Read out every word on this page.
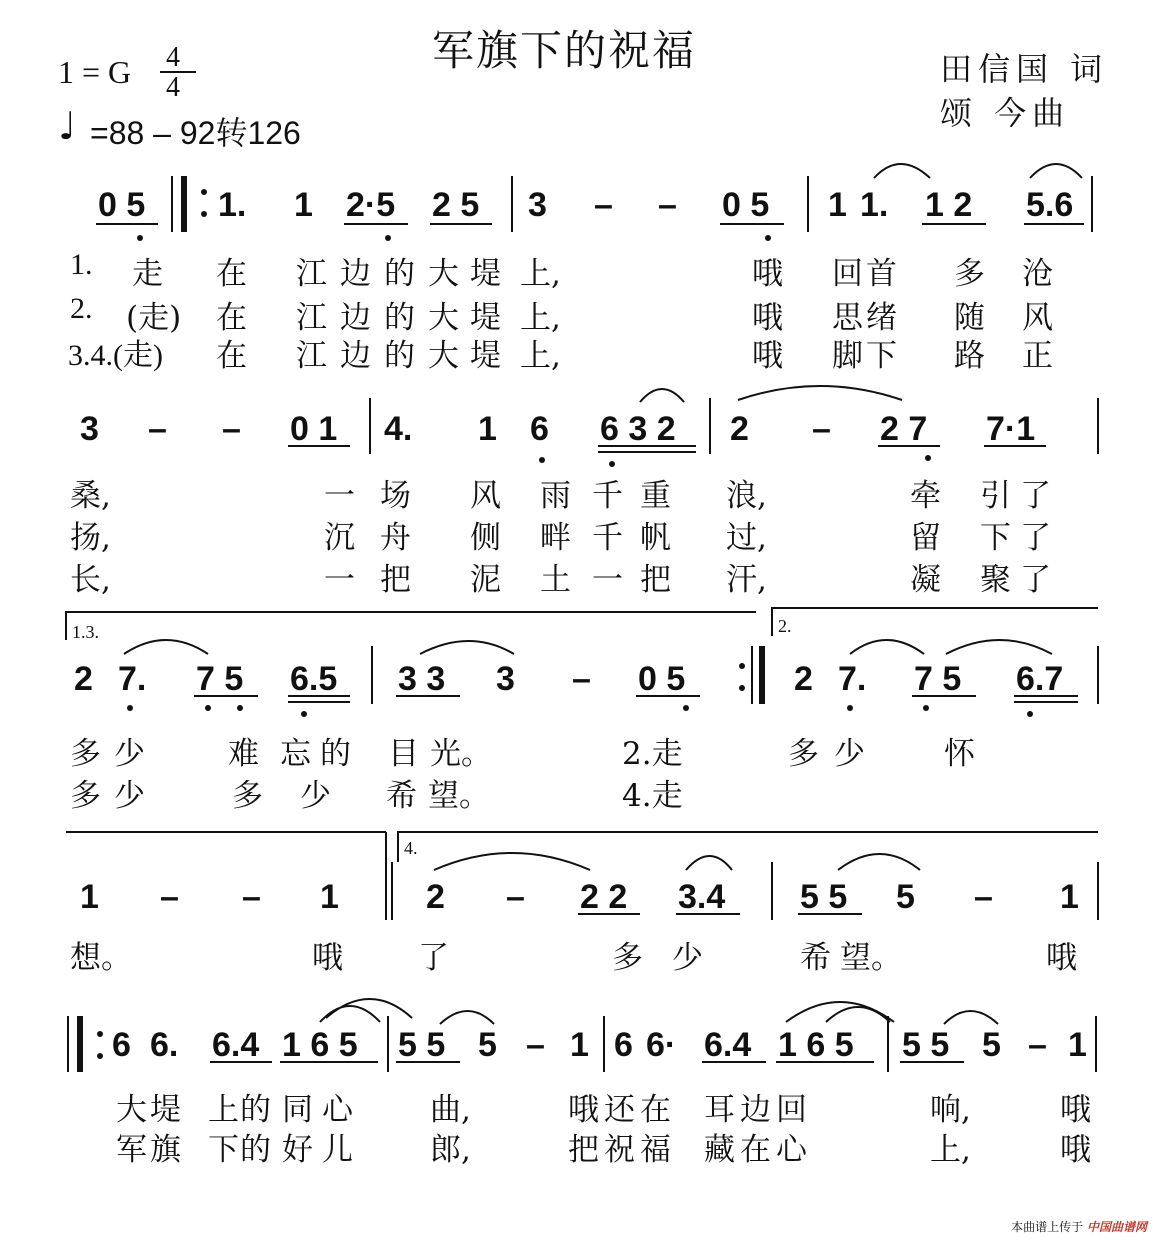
军旗下的祝福	田信国 词
颂 今曲
1 = G 4
4
♩ =88 – 92转126
0 5 1. 1 2·5 2 5 3 – – 0 5 1 1. 1 2 5.6
1. 走 在 江 边 的 大 堤 上,	哦 回 首 多 沧
2. (走) 在 江 边 的 大 堤 上,	哦 思 绪 随 风
3.4.(走) 在 江 边 的 大 堤 上,	哦 脚 下 路 正
3 – – 0 1 4. 1 6 6 3 2 2 – 2 7 7·1
桑,	一 场 风 雨 千 重 浪,	牵 引 了
扬,	沉 舟 侧 畔 千 帆 过,	留 下 了
长,	一 把 泥 土 一 把 汗,	凝 聚 了
1.3.	2.
2 7. 7 5 6.5 3 3 3 – 0 5	2 7. 7 5 6.7
多 少	难 忘 的 目 光。	2.走	多 少	怀
多 少	多 少 希 望。	4.走
4.
1 – – 1	2 – 2 2 3.4 5 5 5 – 1
想。	哦 了	多 少	希 望。	哦
6 6. 6.4 1 6 5 5 5 5 – 1 6 6· 6.4 1 6 5 5 5 5 – 1
大 堤 上 的 同 心 曲,	哦 还 在 耳 边 回	响,	哦
军 旗 下 的 好 儿 郎,	把 祝 福 藏 在 心	上,	哦
本曲谱上传于 中国曲谱网
